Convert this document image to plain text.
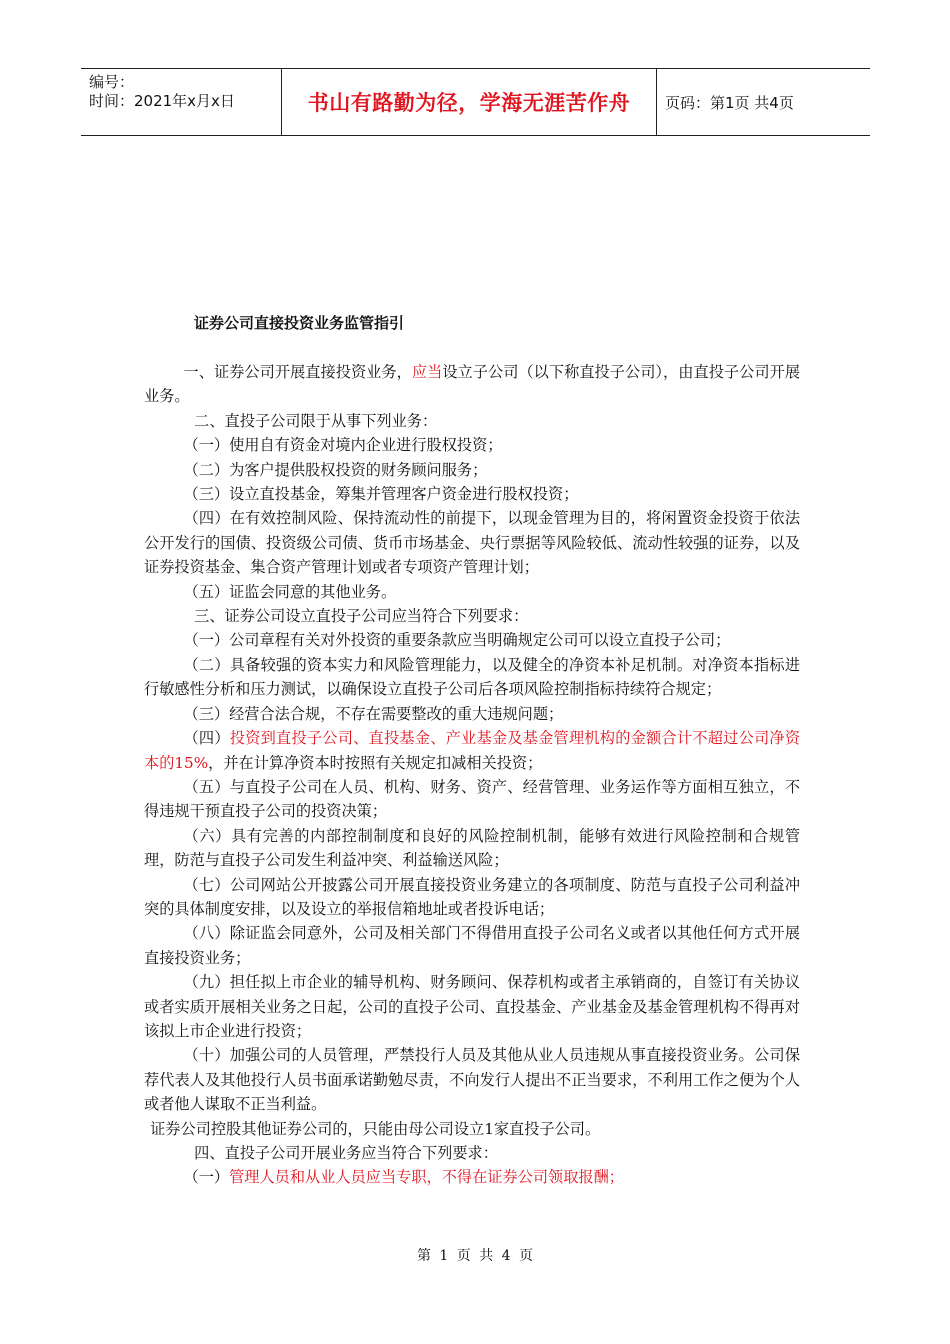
编号：
时间：2021年x月x日	书山有路勤为径，学海无涯苦作舟	页码：第1页 共4页
证券公司直接投资业务监管指引

一、证券公司开展直接投资业务，应当设立子公司（以下称直投子公司），由直投子公司开展业务。

二、直投子公司限于从事下列业务：

（一）使用自有资金对境内企业进行股权投资；

（二）为客户提供股权投资的财务顾问服务；

（三）设立直投基金，筹集并管理客户资金进行股权投资；

（四）在有效控制风险、保持流动性的前提下，以现金管理为目的，将闲置资金投资于依法公开发行的国债、投资级公司债、货币市场基金、央行票据等风险较低、流动性较强的证券，以及证券投资基金、集合资产管理计划或者专项资产管理计划；

（五）证监会同意的其他业务。

三、证券公司设立直投子公司应当符合下列要求：

（一）公司章程有关对外投资的重要条款应当明确规定公司可以设立直投子公司；

（二）具备较强的资本实力和风险管理能力，以及健全的净资本补足机制。对净资本指标进行敏感性分析和压力测试，以确保设立直投子公司后各项风险控制指标持续符合规定；

（三）经营合法合规，不存在需要整改的重大违规问题；

（四）投资到直投子公司、直投基金、产业基金及基金管理机构的金额合计不超过公司净资本的15%，并在计算净资本时按照有关规定扣减相关投资；

（五）与直投子公司在人员、机构、财务、资产、经营管理、业务运作等方面相互独立，不得违规干预直投子公司的投资决策；

（六）具有完善的内部控制制度和良好的风险控制机制，能够有效进行风险控制和合规管理，防范与直投子公司发生利益冲突、利益输送风险；

（七）公司网站公开披露公司开展直接投资业务建立的各项制度、防范与直投子公司利益冲突的具体制度安排，以及设立的举报信箱地址或者投诉电话；

（八）除证监会同意外，公司及相关部门不得借用直投子公司名义或者以其他任何方式开展直接投资业务；

（九）担任拟上市企业的辅导机构、财务顾问、保荐机构或者主承销商的，自签订有关协议或者实质开展相关业务之日起，公司的直投子公司、直投基金、产业基金及基金管理机构不得再对该拟上市企业进行投资；

（十）加强公司的人员管理，严禁投行人员及其他从业人员违规从事直接投资业务。公司保荐代表人及其他投行人员书面承诺勤勉尽责，不向发行人提出不正当要求，不利用工作之便为个人或者他人谋取不正当利益。

证券公司控股其他证券公司的，只能由母公司设立1家直投子公司。

四、直投子公司开展业务应当符合下列要求：

（一）管理人员和从业人员应当专职，不得在证券公司领取报酬；

第 1 页 共 4 页
